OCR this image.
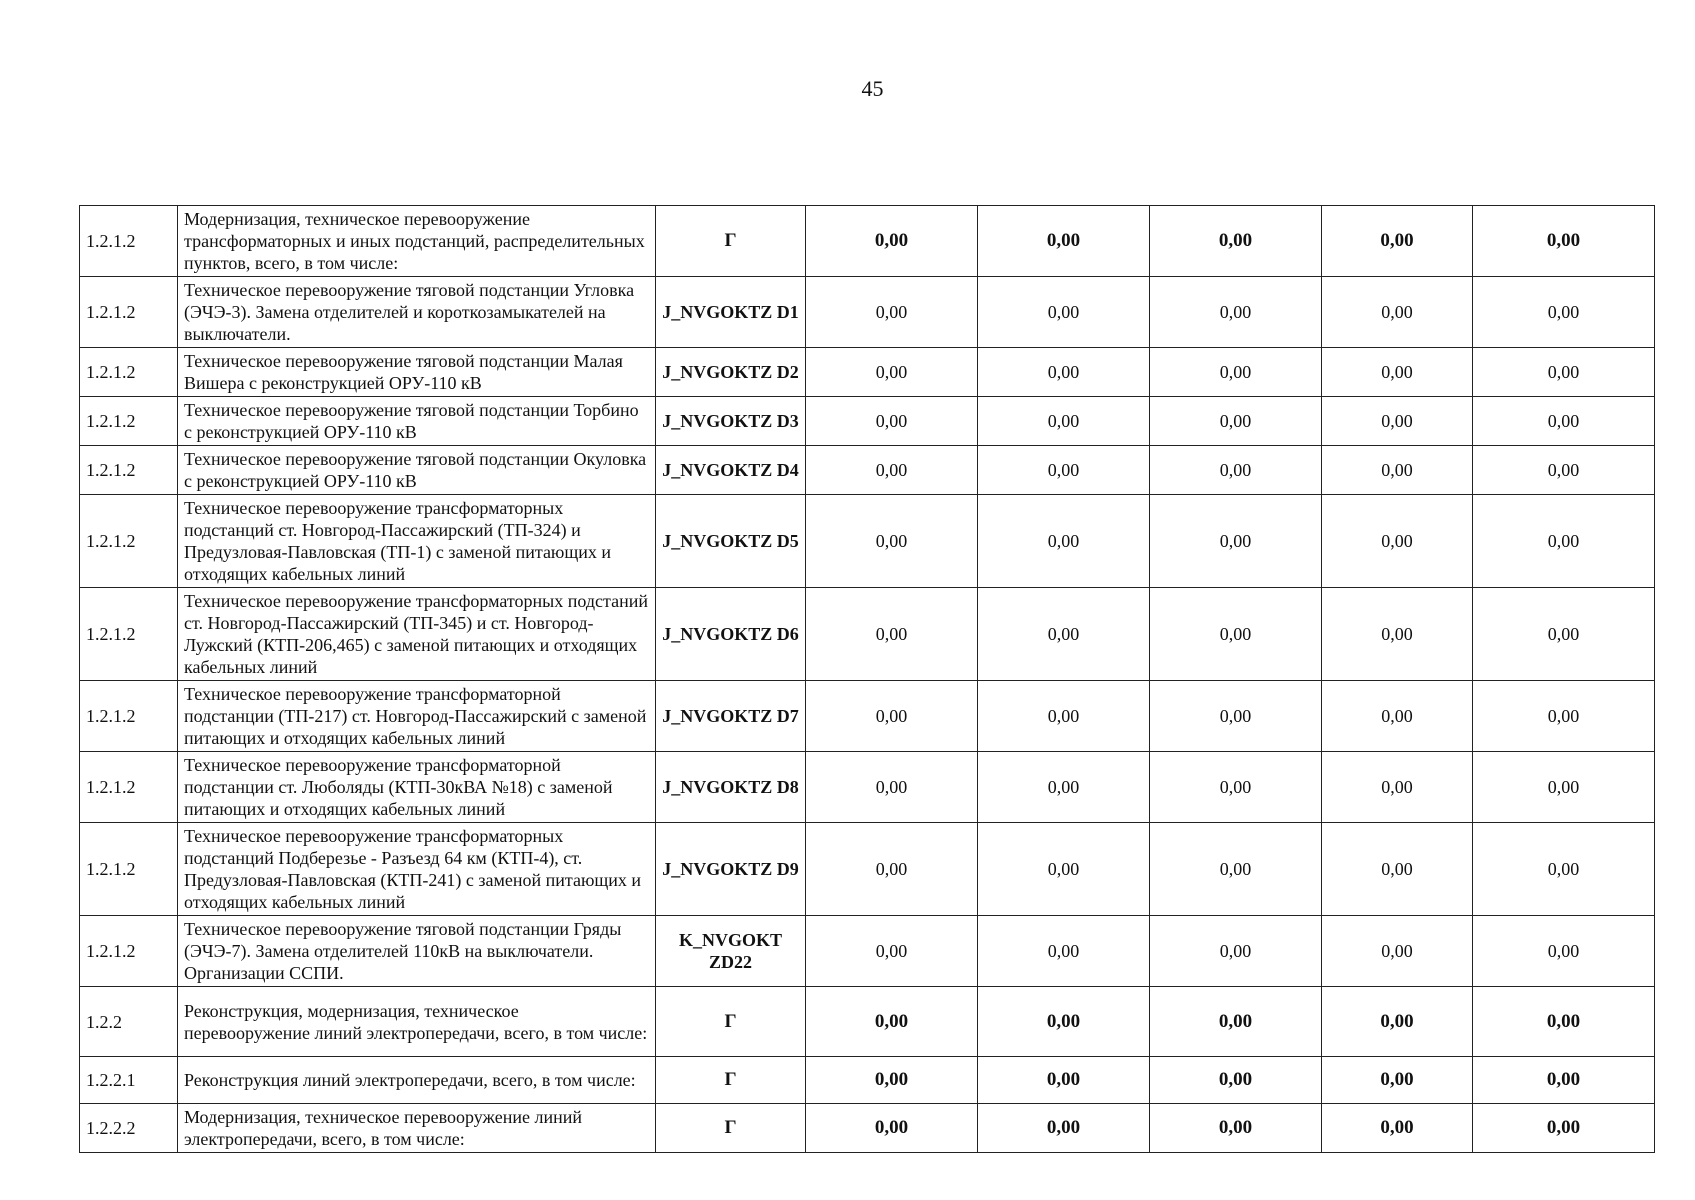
45
1.2.1.2	Модернизация, техническое перевооружение трансформаторных и иных подстанций, распределительных пунктов, всего, в том числе:	Г	0,00	0,00	0,00	0,00	0,00
1.2.1.2	Техническое перевооружение тяговой подстанции Угловка (ЭЧЭ-3). Замена отделителей и короткозамыкателей на выключатели.	J_NVGOKTZ D1	0,00	0,00	0,00	0,00	0,00
1.2.1.2	Техническое перевооружение тяговой подстанции Малая Вишера с реконструкцией ОРУ-110 кВ	J_NVGOKTZ D2	0,00	0,00	0,00	0,00	0,00
1.2.1.2	Техническое перевооружение тяговой подстанции Торбино с реконструкцией ОРУ-110 кВ	J_NVGOKTZ D3	0,00	0,00	0,00	0,00	0,00
1.2.1.2	Техническое перевооружение тяговой подстанции Окуловка с реконструкцией ОРУ-110 кВ	J_NVGOKTZ D4	0,00	0,00	0,00	0,00	0,00
1.2.1.2	Техническое перевооружение трансформаторных подстанций ст. Новгород-Пассажирский (ТП-324) и Предузловая-Павловская (ТП-1) с заменой питающих и отходящих кабельных линий	J_NVGOKTZ D5	0,00	0,00	0,00	0,00	0,00
1.2.1.2	Техническое перевооружение трансформаторных подстаний ст. Новгород-Пассажирский (ТП-345) и ст. Новгород-Лужский (КТП-206,465) с заменой питающих и отходящих кабельных линий	J_NVGOKTZ D6	0,00	0,00	0,00	0,00	0,00
1.2.1.2	Техническое перевооружение трансформаторной подстанции (ТП-217) ст. Новгород-Пассажирский с заменой питающих и отходящих кабельных линий	J_NVGOKTZ D7	0,00	0,00	0,00	0,00	0,00
1.2.1.2	Техническое перевооружение трансформаторной подстанции ст. Люболяды (КТП-30кВА №18) с заменой питающих и отходящих кабельных линий	J_NVGOKTZ D8	0,00	0,00	0,00	0,00	0,00
1.2.1.2	Техническое перевооружение трансформаторных подстанций Подберезье - Разъезд 64 км (КТП-4), ст. Предузловая-Павловская (КТП-241) с заменой питающих и отходящих кабельных линий	J_NVGOKTZ D9	0,00	0,00	0,00	0,00	0,00
1.2.1.2	Техническое перевооружение тяговой подстанции Гряды (ЭЧЭ-7). Замена отделителей 110кВ на выключатели. Организации ССПИ.	K_NVGOKT ZD22	0,00	0,00	0,00	0,00	0,00
1.2.2	Реконструкция, модернизация, техническое перевооружение линий электропередачи, всего, в том числе:	Г	0,00	0,00	0,00	0,00	0,00
1.2.2.1	Реконструкция линий электропередачи, всего, в том числе:	Г	0,00	0,00	0,00	0,00	0,00
1.2.2.2	Модернизация, техническое перевооружение линий электропередачи, всего, в том числе:	Г	0,00	0,00	0,00	0,00	0,00
